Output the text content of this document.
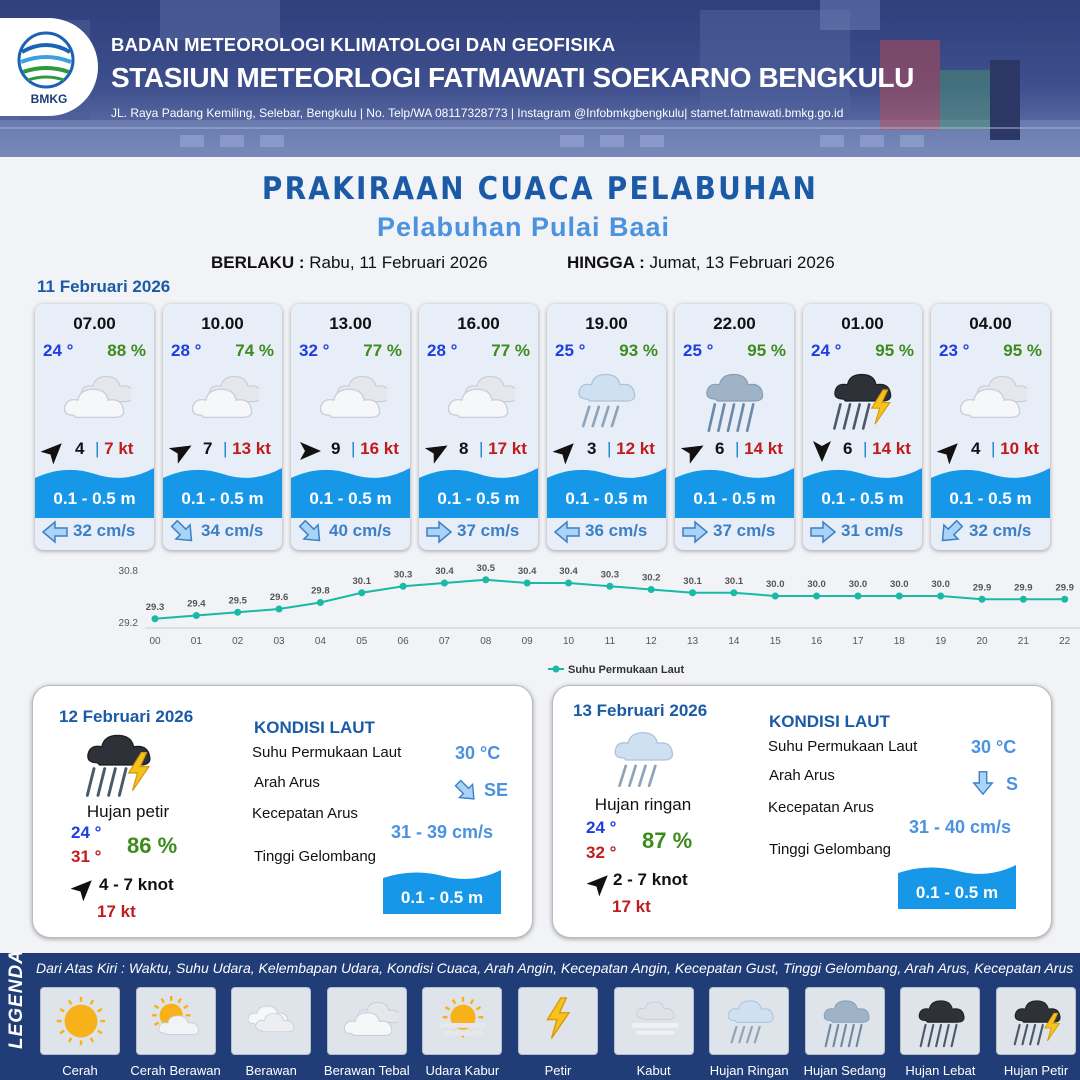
BMKG
BADAN METEOROLOGI KLIMATOLOGI DAN GEOFISIKA
STASIUN METEORLOGI FATMAWATI SOEKARNO BENGKULU
JL. Raya Padang Kemiling, Selebar, Bengkulu | No. Telp/WA 08117328773 | Instagram @Infobmkgbengkulu| stamet.fatmawati.bmkg.go.id
PRAKIRAAN CUACA PELABUHAN
Pelabuhan Pulai Baai
BERLAKU : Rabu, 11 Februari 2026	HINGGA : Jumat, 13 Februari 2026
11 Februari 2026
07.00
24 ° 88 %
4 | 7 kt
0.1 - 0.5 m
32 cm/s
10.00
28 ° 74 %
7 | 13 kt
0.1 - 0.5 m
34 cm/s
13.00
32 ° 77 %
9 | 16 kt
0.1 - 0.5 m
40 cm/s
16.00
28 ° 77 %
8 | 17 kt
0.1 - 0.5 m
37 cm/s
19.00
25 ° 93 %
3 | 12 kt
0.1 - 0.5 m
36 cm/s
22.00
25 ° 95 %
6 | 14 kt
0.1 - 0.5 m
37 cm/s
01.00
24 ° 95 %
6 | 14 kt
0.1 - 0.5 m
31 cm/s
04.00
23 ° 95 %
4 | 10 kt
0.1 - 0.5 m
32 cm/s
30.8
29.2
29.3
00
29.4
01
29.5
02
29.6
03
29.8
04
30.1
05
30.3
06
30.4
07
30.5
08
30.4
09
30.4
10
30.3
11
30.2
12
30.1
13
30.1
14
30.0
15
30.0
16
30.0
17
30.0
18
30.0
19
29.9
20
29.9
21
29.9
22
Suhu Permukaan Laut
12 Februari 2026
Hujan petir
24 °
31 ° 86 %
4 - 7 knot
17 kt
KONDISI LAUT
Suhu Permukaan Laut	30 °C
Arah Arus	SE
Kecepatan Arus
31 - 39 cm/s
Tinggi Gelombang
0.1 - 0.5 m
13 Februari 2026
Hujan ringan
24 °
32 ° 87 %
2 - 7 knot
17 kt
KONDISI LAUT
Suhu Permukaan Laut	30 °C
Arah Arus	S
Kecepatan Arus
31 - 40 cm/s
Tinggi Gelombang
0.1 - 0.5 m
LEGENDA Dari Atas Kiri : Waktu, Suhu Udara, Kelembapan Udara, Kondisi Cuaca, Arah Angin, Kecepatan Angin, Kecepatan Gust, Tinggi Gelombang, Arah Arus, Kecepatan Arus
Cerah	Cerah Berawan	Berawan	Berawan Tebal	Udara Kabur	Petir	Kabut	Hujan Ringan	Hujan Sedang	Hujan Lebat	Hujan Petir
